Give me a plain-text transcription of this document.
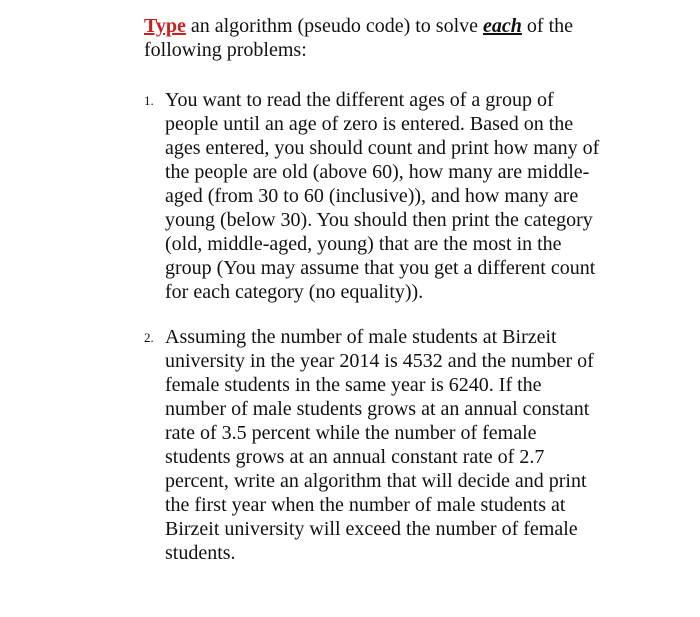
Type an algorithm (pseudo code) to solve each of the following problems:

1. You want to read the different ages of a group of people until an age of zero is entered. Based on the ages entered, you should count and print how many of the people are old (above 60), how many are middle-aged (from 30 to 60 (inclusive)), and how many are young (below 30). You should then print the category (old, middle-aged, young) that are the most in the group (You may assume that you get a different count for each category (no equality)).
2. Assuming the number of male students at Birzeit university in the year 2014 is 4532 and the number of female students in the same year is 6240. If the number of male students grows at an annual constant rate of 3.5 percent while the number of female students grows at an annual constant rate of 2.7 percent, write an algorithm that will decide and print the first year when the number of male students at Birzeit university will exceed the number of female students.
